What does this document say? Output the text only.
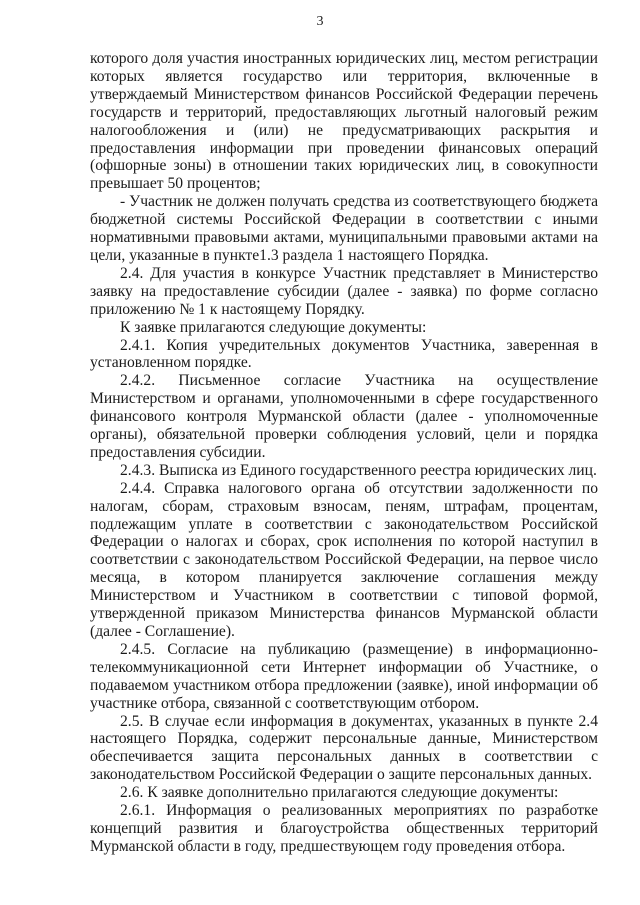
3

которого доля участия иностранных юридических лиц, местом регистрации которых является государство или территория, включенные в утверждаемый Министерством финансов Российской Федерации перечень государств и территорий, предоставляющих льготный налоговый режим налогообложения и (или) не предусматривающих раскрытия и предоставления информации при проведении финансовых операций (офшорные зоны) в отношении таких юридических лиц, в совокупности превышает 50 процентов;

- Участник не должен получать средства из соответствующего бюджета бюджетной системы Российской Федерации в соответствии с иными нормативными правовыми актами, муниципальными правовыми актами на цели, указанные в пункте1.3 раздела 1 настоящего Порядка.

2.4. Для участия в конкурсе Участник представляет в Министерство заявку на предоставление субсидии (далее - заявка) по форме согласно приложению № 1 к настоящему Порядку.

К заявке прилагаются следующие документы:

2.4.1. Копия учредительных документов Участника, заверенная в установленном порядке.

2.4.2. Письменное согласие Участника на осуществление Министерством и органами, уполномоченными в сфере государственного финансового контроля Мурманской области (далее - уполномоченные органы), обязательной проверки соблюдения условий, цели и порядка предоставления субсидии.

2.4.3. Выписка из Единого государственного реестра юридических лиц.

2.4.4. Справка налогового органа об отсутствии задолженности по налогам, сборам, страховым взносам, пеням, штрафам, процентам, подлежащим уплате в соответствии с законодательством Российской Федерации о налогах и сборах, срок исполнения по которой наступил в соответствии с законодательством Российской Федерации, на первое число месяца, в котором планируется заключение соглашения между Министерством и Участником в соответствии с типовой формой, утвержденной приказом Министерства финансов Мурманской области (далее - Соглашение).

2.4.5. Согласие на публикацию (размещение) в информационно-телекоммуникационной сети Интернет информации об Участнике, о подаваемом участником отбора предложении (заявке), иной информации об участнике отбора, связанной с соответствующим отбором.

2.5. В случае если информация в документах, указанных в пункте 2.4 настоящего Порядка, содержит персональные данные, Министерством обеспечивается защита персональных данных в соответствии с законодательством Российской Федерации о защите персональных данных.

2.6. К заявке дополнительно прилагаются следующие документы:

2.6.1. Информация о реализованных мероприятиях по разработке концепций развития и благоустройства общественных территорий Мурманской области в году, предшествующем году проведения отбора.
